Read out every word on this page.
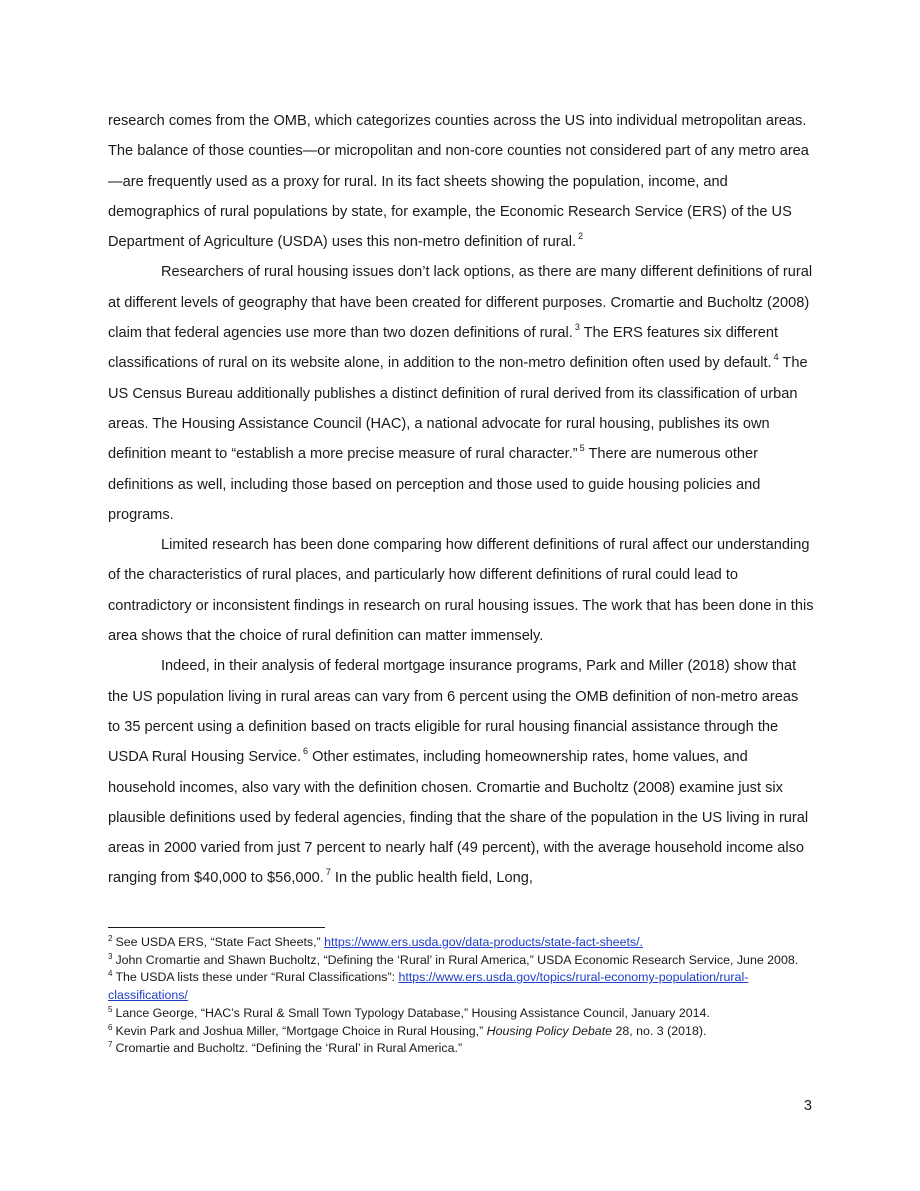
research comes from the OMB, which categorizes counties across the US into individual metropolitan areas. The balance of those counties—or micropolitan and non-core counties not considered part of any metro area—are frequently used as a proxy for rural. In its fact sheets showing the population, income, and demographics of rural populations by state, for example, the Economic Research Service (ERS) of the US Department of Agriculture (USDA) uses this non-metro definition of rural. $^2$

Researchers of rural housing issues don’t lack options, as there are many different definitions of rural at different levels of geography that have been created for different purposes. Cromartie and Bucholtz (2008) claim that federal agencies use more than two dozen definitions of rural. $^3$ The ERS features six different classifications of rural on its website alone, in addition to the non-metro definition often used by default. $^4$ The US Census Bureau additionally publishes a distinct definition of rural derived from its classification of urban areas. The Housing Assistance Council (HAC), a national advocate for rural housing, publishes its own definition meant to “establish a more precise measure of rural character.” $^5$ There are numerous other definitions as well, including those based on perception and those used to guide housing policies and programs.

Limited research has been done comparing how different definitions of rural affect our understanding of the characteristics of rural places, and particularly how different definitions of rural could lead to contradictory or inconsistent findings in research on rural housing issues. The work that has been done in this area shows that the choice of rural definition can matter immensely.

Indeed, in their analysis of federal mortgage insurance programs, Park and Miller (2018) show that the US population living in rural areas can vary from 6 percent using the OMB definition of non-metro areas to 35 percent using a definition based on tracts eligible for rural housing financial assistance through the USDA Rural Housing Service. $^6$ Other estimates, including homeownership rates, home values, and household incomes, also vary with the definition chosen. Cromartie and Bucholtz (2008) examine just six plausible definitions used by federal agencies, finding that the share of the population in the US living in rural areas in 2000 varied from just 7 percent to nearly half (49 percent), with the average household income also ranging from $40,000 to $56,000. $^7$ In the public health field, Long,

$^2$ See USDA ERS, “State Fact Sheets,” https://www.ers.usda.gov/data-products/state-fact-sheets/.
$^3$ John Cromartie and Shawn Bucholtz, “Defining the ‘Rural’ in Rural America,” USDA Economic Research Service, June 2008.
$^4$ The USDA lists these under “Rural Classifications”: https://www.ers.usda.gov/topics/rural-economy-population/rural-classifications/
$^5$ Lance George, “HAC’s Rural & Small Town Typology Database,” Housing Assistance Council, January 2014.
$^6$ Kevin Park and Joshua Miller, “Mortgage Choice in Rural Housing,” Housing Policy Debate 28, no. 3 (2018).
$^7$ Cromartie and Bucholtz. “Defining the ‘Rural’ in Rural America.”
3
